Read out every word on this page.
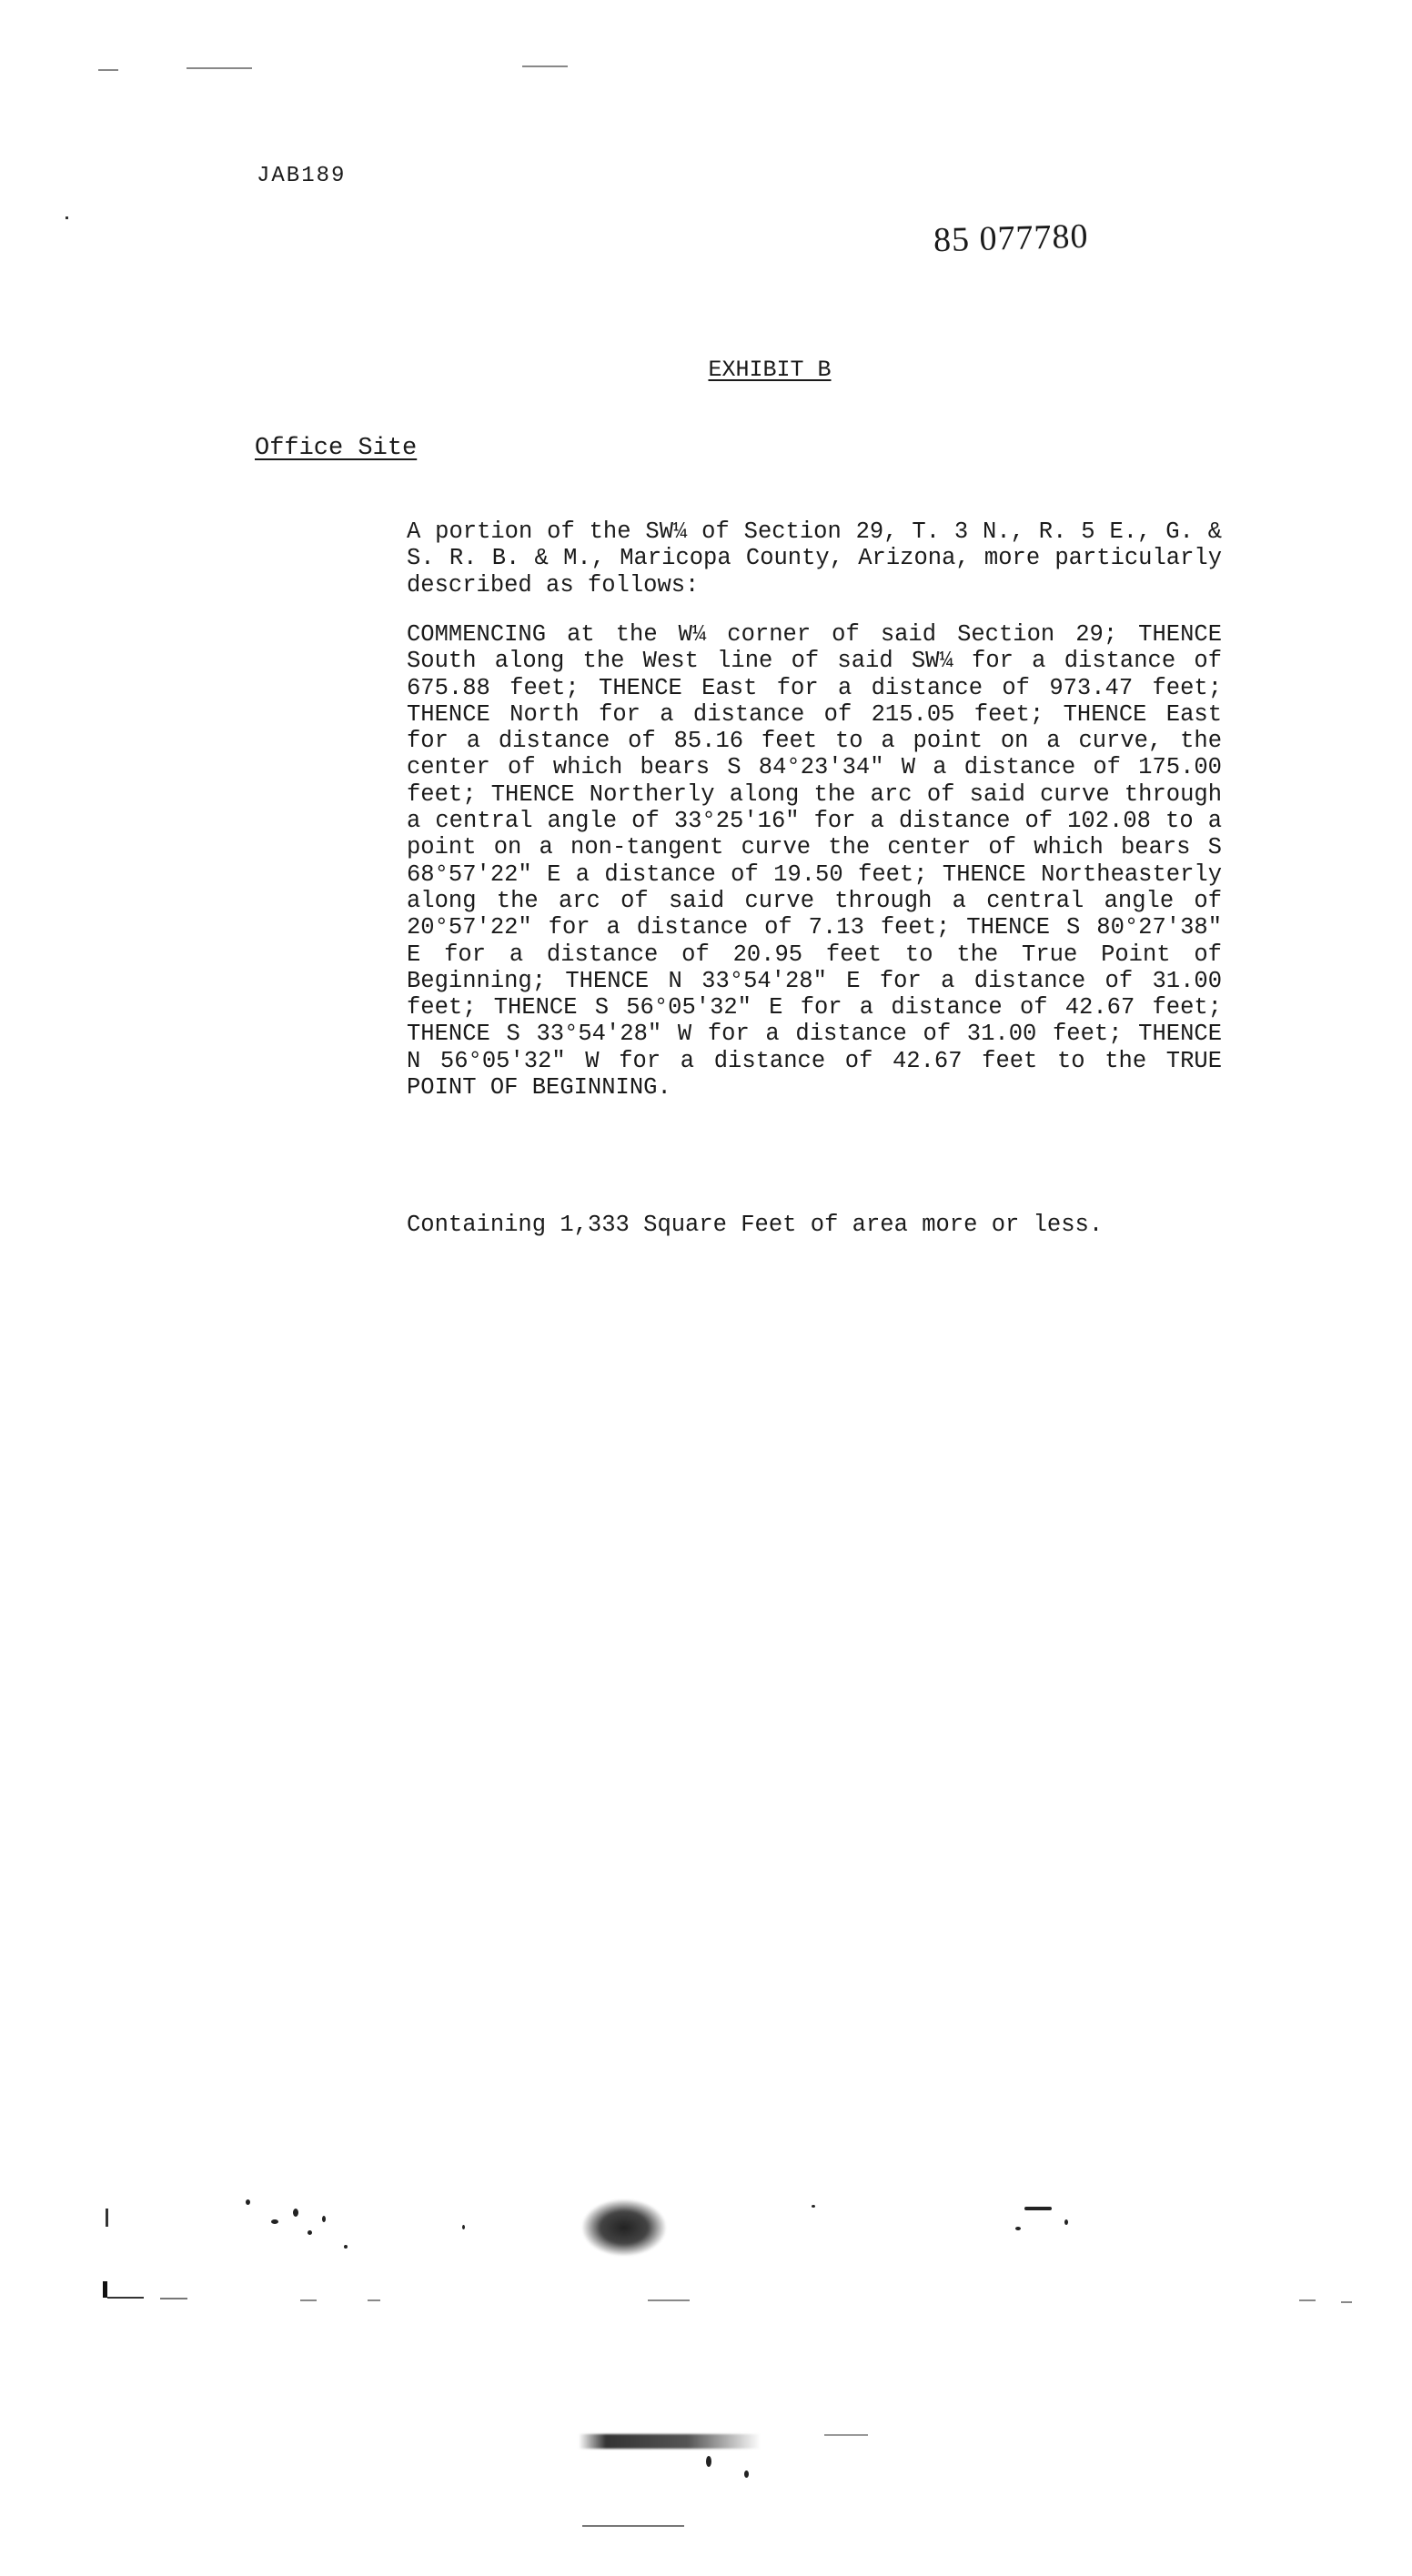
JAB189
85 077780
EXHIBIT B
Office Site
A portion of the SW¼ of Section 29, T. 3 N., R. 5 E., G. & S. R. B. & M., Maricopa County, Arizona, more particularly described as follows:
COMMENCING at the W¼ corner of said Section 29; THENCE South along the West line of said SW¼ for a distance of 675.88 feet; THENCE East for a distance of 973.47 feet; THENCE North for a distance of 215.05 feet; THENCE East for a distance of 85.16 feet to a point on a curve, the center of which bears S 84°23'34" W a distance of 175.00 feet; THENCE Northerly along the arc of said curve through a central angle of 33°25'16" for a distance of 102.08 to a point on a non-tangent curve the center of which bears S 68°57'22" E a distance of 19.50 feet; THENCE Northeasterly along the arc of said curve through a central angle of 20°57'22" for a distance of 7.13 feet; THENCE S 80°27'38" E for a distance of 20.95 feet to the True Point of Beginning; THENCE N 33°54'28" E for a distance of 31.00 feet; THENCE S 56°05'32" E for a distance of 42.67 feet; THENCE S 33°54'28" W for a distance of 31.00 feet; THENCE N 56°05'32" W for a distance of 42.67 feet to the TRUE POINT OF BEGINNING.
Containing 1,333 Square Feet of area more or less.
